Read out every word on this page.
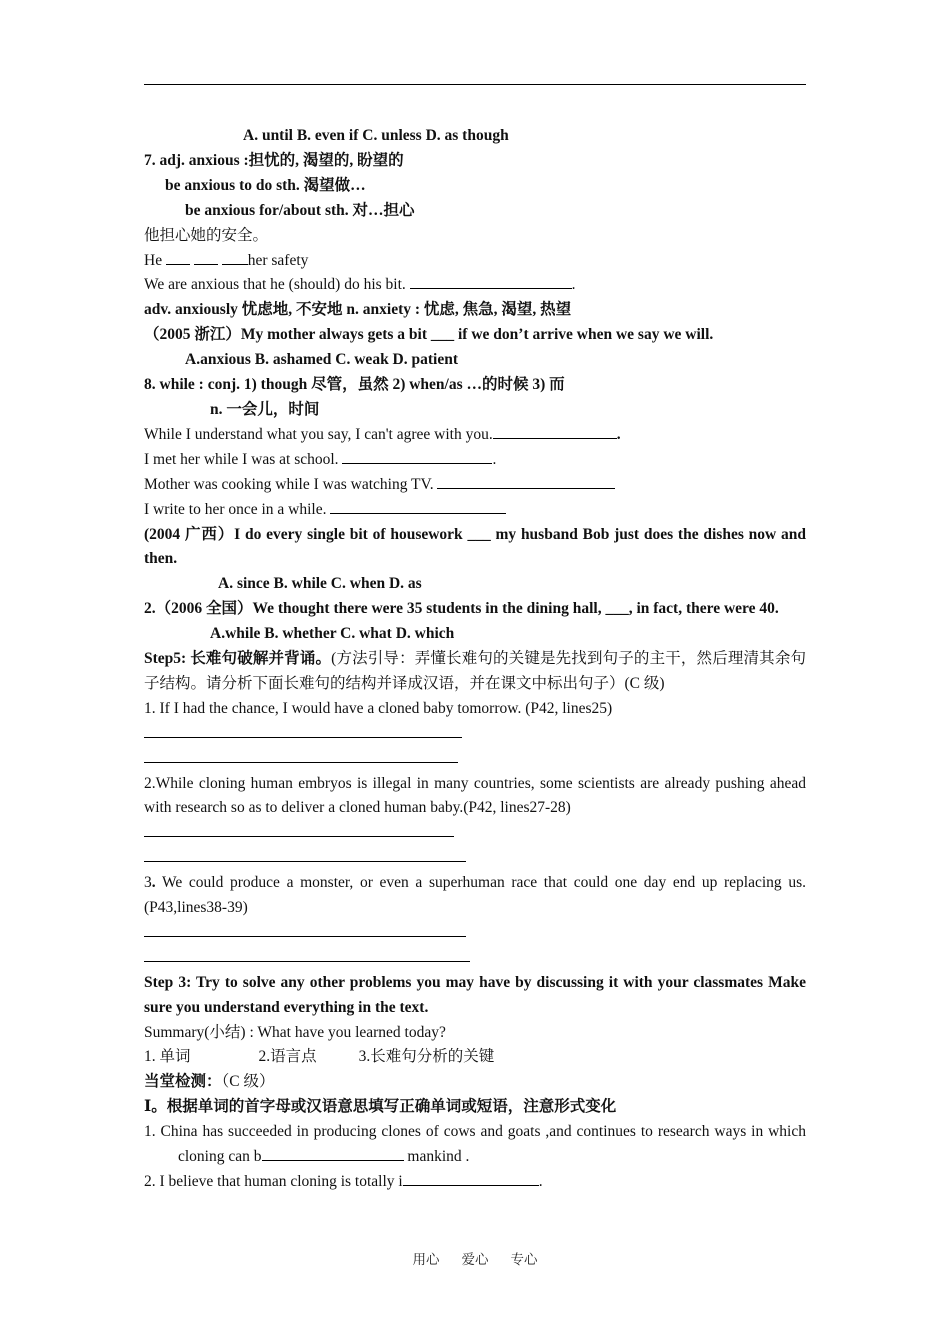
A. until B. even if C. unless D. as though
7. adj. anxious :担忧的, 渴望的, 盼望的
be anxious to do sth. 渴望做…
be anxious for/about sth. 对…担心
他担心她的安全。
He	her safety
We are anxious that he (should) do his bit.	.
adv. anxiously 忧虑地, 不安地 n. anxiety : 忧虑, 焦急, 渴望, 热望
（2005 浙江）My mother always gets a bit ___ if we don’t arrive when we say we will.
A.anxious B. ashamed C. weak D. patient
8. while : conj. 1) though 尽管，虽然 2) when/as …的时候 3) 而
n. 一会儿，时间
While I understand what you say, I can't agree with you.	.
I met her while I was at school.	.
Mother was cooking while I was watching TV.
I write to her once in a while.
(2004 广西）I do every single bit of housework ___ my husband Bob just does the dishes now and then.
A. since B. while C. when D. as
2.（2006 全国）We thought there were 35 students in the dining hall, ___, in fact, there were 40.
A.while B. whether C. what D. which
Step5: 长难句破解并背诵。(方法引导：弄懂长难句的关键是先找到句子的主干，然后理清其余句子结构。请分析下面长难句的结构并译成汉语，并在课文中标出句子）(C 级)
1. If I had the chance, I would have a cloned baby tomorrow. (P42, lines25)
2.While cloning human embryos is illegal in many countries, some scientists are already pushing ahead with research so as to deliver a cloned human baby.(P42, lines27-28)
3. We could produce a monster, or even a superhuman race that could one day end up replacing us.(P43,lines38-39)
Step 3: Try to solve any other problems you may have by discussing it with your classmates Make sure you understand everything in the text.
Summary(小结) : What have you learned today?
1. 单词	2.语言点	3.长难句分析的关键
当堂检测：（C 级）
Ⅰ。根据单词的首字母或汉语意思填写正确单词或短语，注意形式变化
1. China has succeeded in producing clones of cows and goats ,and continues to research ways in which cloning can b	mankind .
2. I believe that human cloning is totally i	.
用心 爱心 专心
